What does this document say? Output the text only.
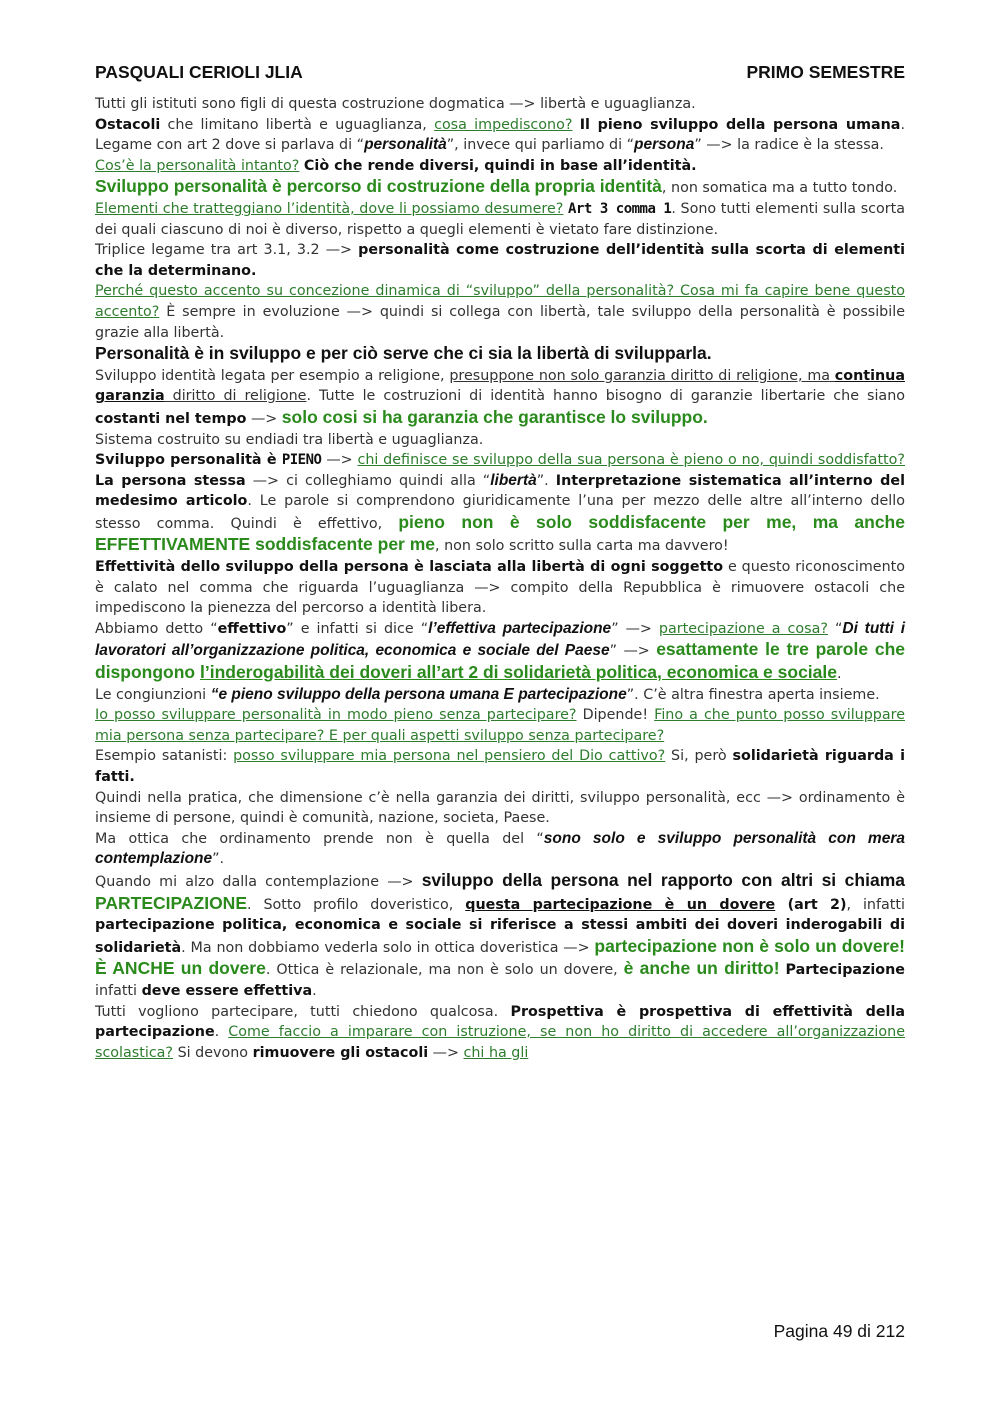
PASQUALI CERIOLI JLIA	PRIMO SEMESTRE

Tutti gli istituti sono figli di questa costruzione dogmatica —> libertà e uguaglianza.

Ostacoli che limitano libertà e uguaglianza, cosa impediscono? Il pieno sviluppo della persona umana. Legame con art 2 dove si parlava di “personalità”, invece qui parliamo di “persona” —> la radice è la stessa.

Cos’è la personalità intanto? Ciò che rende diversi, quindi in base all’identità.

Sviluppo personalità è percorso di costruzione della propria identità, non somatica ma a tutto tondo.

Elementi che tratteggiano l’identità, dove li possiamo desumere? Art 3 comma 1. Sono tutti elementi sulla scorta dei quali ciascuno di noi è diverso, rispetto a quegli elementi è vietato fare distinzione.

Triplice legame tra art 3.1, 3.2 —> personalità come costruzione dell’identità sulla scorta di elementi che la determinano.

Perché questo accento su concezione dinamica di “sviluppo” della personalità? Cosa mi fa capire bene questo accento? È sempre in evoluzione —> quindi si collega con libertà, tale sviluppo della personalità è possibile grazie alla libertà.

Personalità è in sviluppo e per ciò serve che ci sia la libertà di svilupparla.

Sviluppo identità legata per esempio a religione, presuppone non solo garanzia diritto di religione, ma continua garanzia diritto di religione. Tutte le costruzioni di identità hanno bisogno di garanzie libertarie che siano costanti nel tempo —> solo cosi si ha garanzia che garantisce lo sviluppo.

Sistema costruito su endiadi tra libertà e uguaglianza.

Sviluppo personalità è PIENO —> chi definisce se sviluppo della sua persona è pieno o no, quindi soddisfatto? La persona stessa —> ci colleghiamo quindi alla “libertà”. Interpretazione sistematica all’interno del medesimo articolo. Le parole si comprendono giuridicamente l’una per mezzo delle altre all’interno dello stesso comma. Quindi è effettivo, pieno non è solo soddisfacente per me, ma anche EFFETTIVAMENTE soddisfacente per me, non solo scritto sulla carta ma davvero!

Effettività dello sviluppo della persona è lasciata alla libertà di ogni soggetto e questo riconoscimento è calato nel comma che riguarda l’uguaglianza —> compito della Repubblica è rimuovere ostacoli che impediscono la pienezza del percorso a identità libera.

Abbiamo detto “effettivo” e infatti si dice “l’effettiva partecipazione” —> partecipazione a cosa? “Di tutti i lavoratori all’organizzazione politica, economica e sociale del Paese” —> esattamente le tre parole che dispongono l’inderogabilità dei doveri all’art 2 di solidarietà politica, economica e sociale.

Le congiunzioni “e pieno sviluppo della persona umana E partecipazione”. C’è altra finestra aperta insieme.

Io posso sviluppare personalità in modo pieno senza partecipare? Dipende! Fino a che punto posso sviluppare mia persona senza partecipare? E per quali aspetti sviluppo senza partecipare?

Esempio satanisti: posso sviluppare mia persona nel pensiero del Dio cattivo? Si, però solidarietà riguarda i fatti.

Quindi nella pratica, che dimensione c’è nella garanzia dei diritti, sviluppo personalità, ecc —> ordinamento è insieme di persone, quindi è comunità, nazione, societa, Paese.

Ma ottica che ordinamento prende non è quella del “sono solo e sviluppo personalità con mera contemplazione”.

Quando mi alzo dalla contemplazione —> sviluppo della persona nel rapporto con altri si chiama PARTECIPAZIONE. Sotto profilo doveristico, questa partecipazione è un dovere (art 2), infatti partecipazione politica, economica e sociale si riferisce a stessi ambiti dei doveri inderogabili di solidarietà. Ma non dobbiamo vederla solo in ottica doveristica —> partecipazione non è solo un dovere! È ANCHE un dovere. Ottica è relazionale, ma non è solo un dovere, è anche un diritto! Partecipazione infatti deve essere effettiva.

Tutti vogliono partecipare, tutti chiedono qualcosa. Prospettiva è prospettiva di effettività della partecipazione. Come faccio a imparare con istruzione, se non ho diritto di accedere all’organizzazione scolastica? Si devono rimuovere gli ostacoli —> chi ha gli

Pagina 49 di 212
